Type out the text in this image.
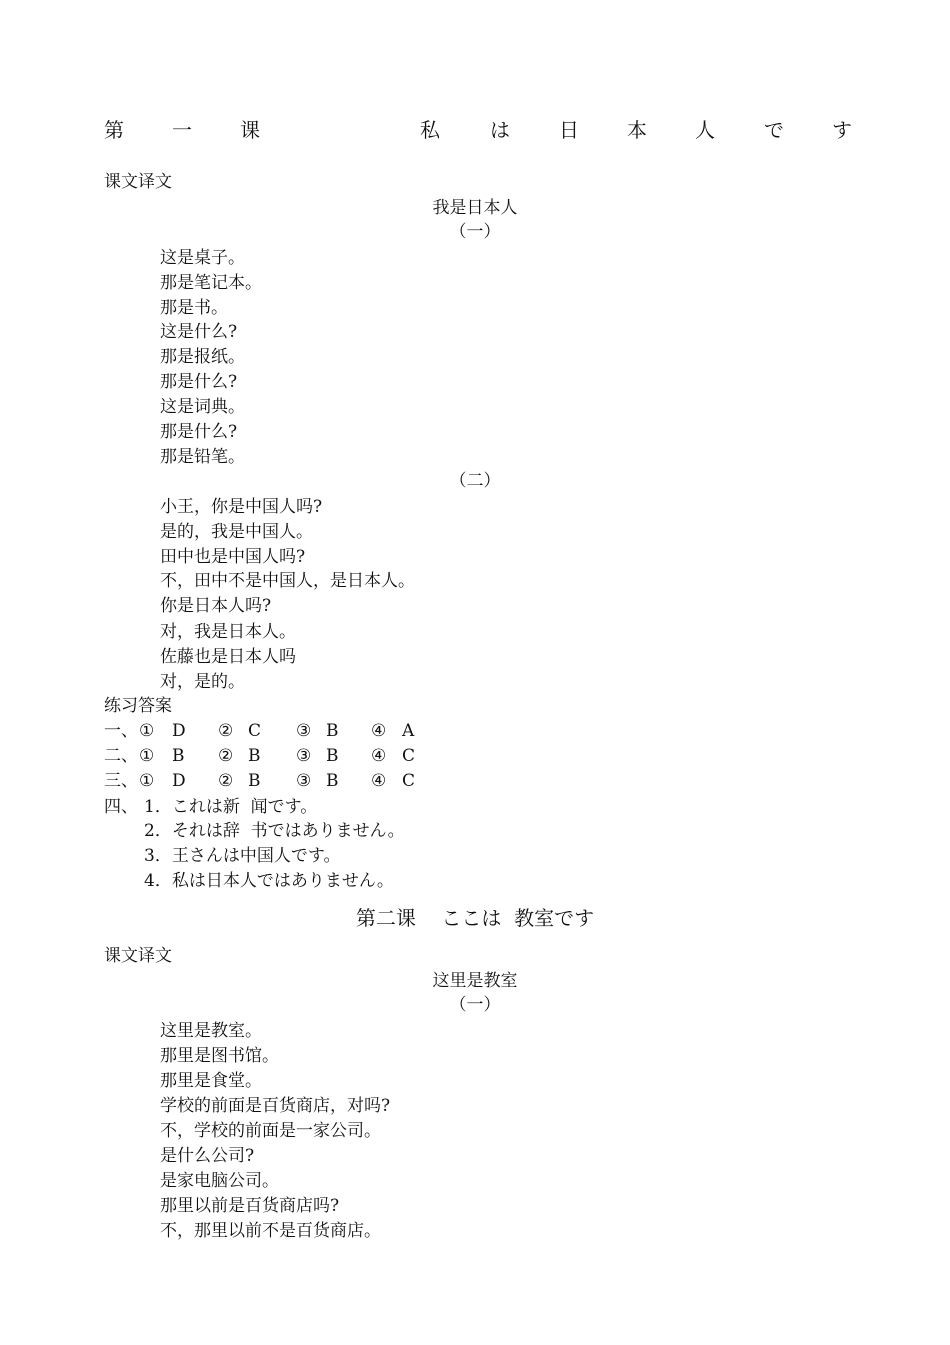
第 一 课	私	は 日 本 人 で す
课文译文
我是日本人
（一）
这是桌子。
那是笔记本。
那是书。
这是什么?
那是报纸。
那是什么?
这是词典。
那是什么?
那是铅笔。
（二）
小王，你是中国人吗?
是的，我是中国人。
田中也是中国人吗?
不，田中不是中国人，是日本人。
你是日本人吗?
对，我是日本人。
佐藤也是日本人吗
对，是的。
练习答案
一、 ① D ② C ③ B ④ A
二、 ① B ② B ③ B ④ C
三、 ① D ② B ③ B ④ C
四、 1．これは新  闻です。
2．それは辞  书ではありません。
3．王さんは中国人です。
4．私は日本人ではありません。
第二课    ここは  教室です
课文译文
这里是教室
（一）
这里是教室。
那里是图书馆。
那里是食堂。
学校的前面是百货商店，对吗?
不，学校的前面是一家公司。
是什么公司?
是家电脑公司。
那里以前是百货商店吗?
不，那里以前不是百货商店。
